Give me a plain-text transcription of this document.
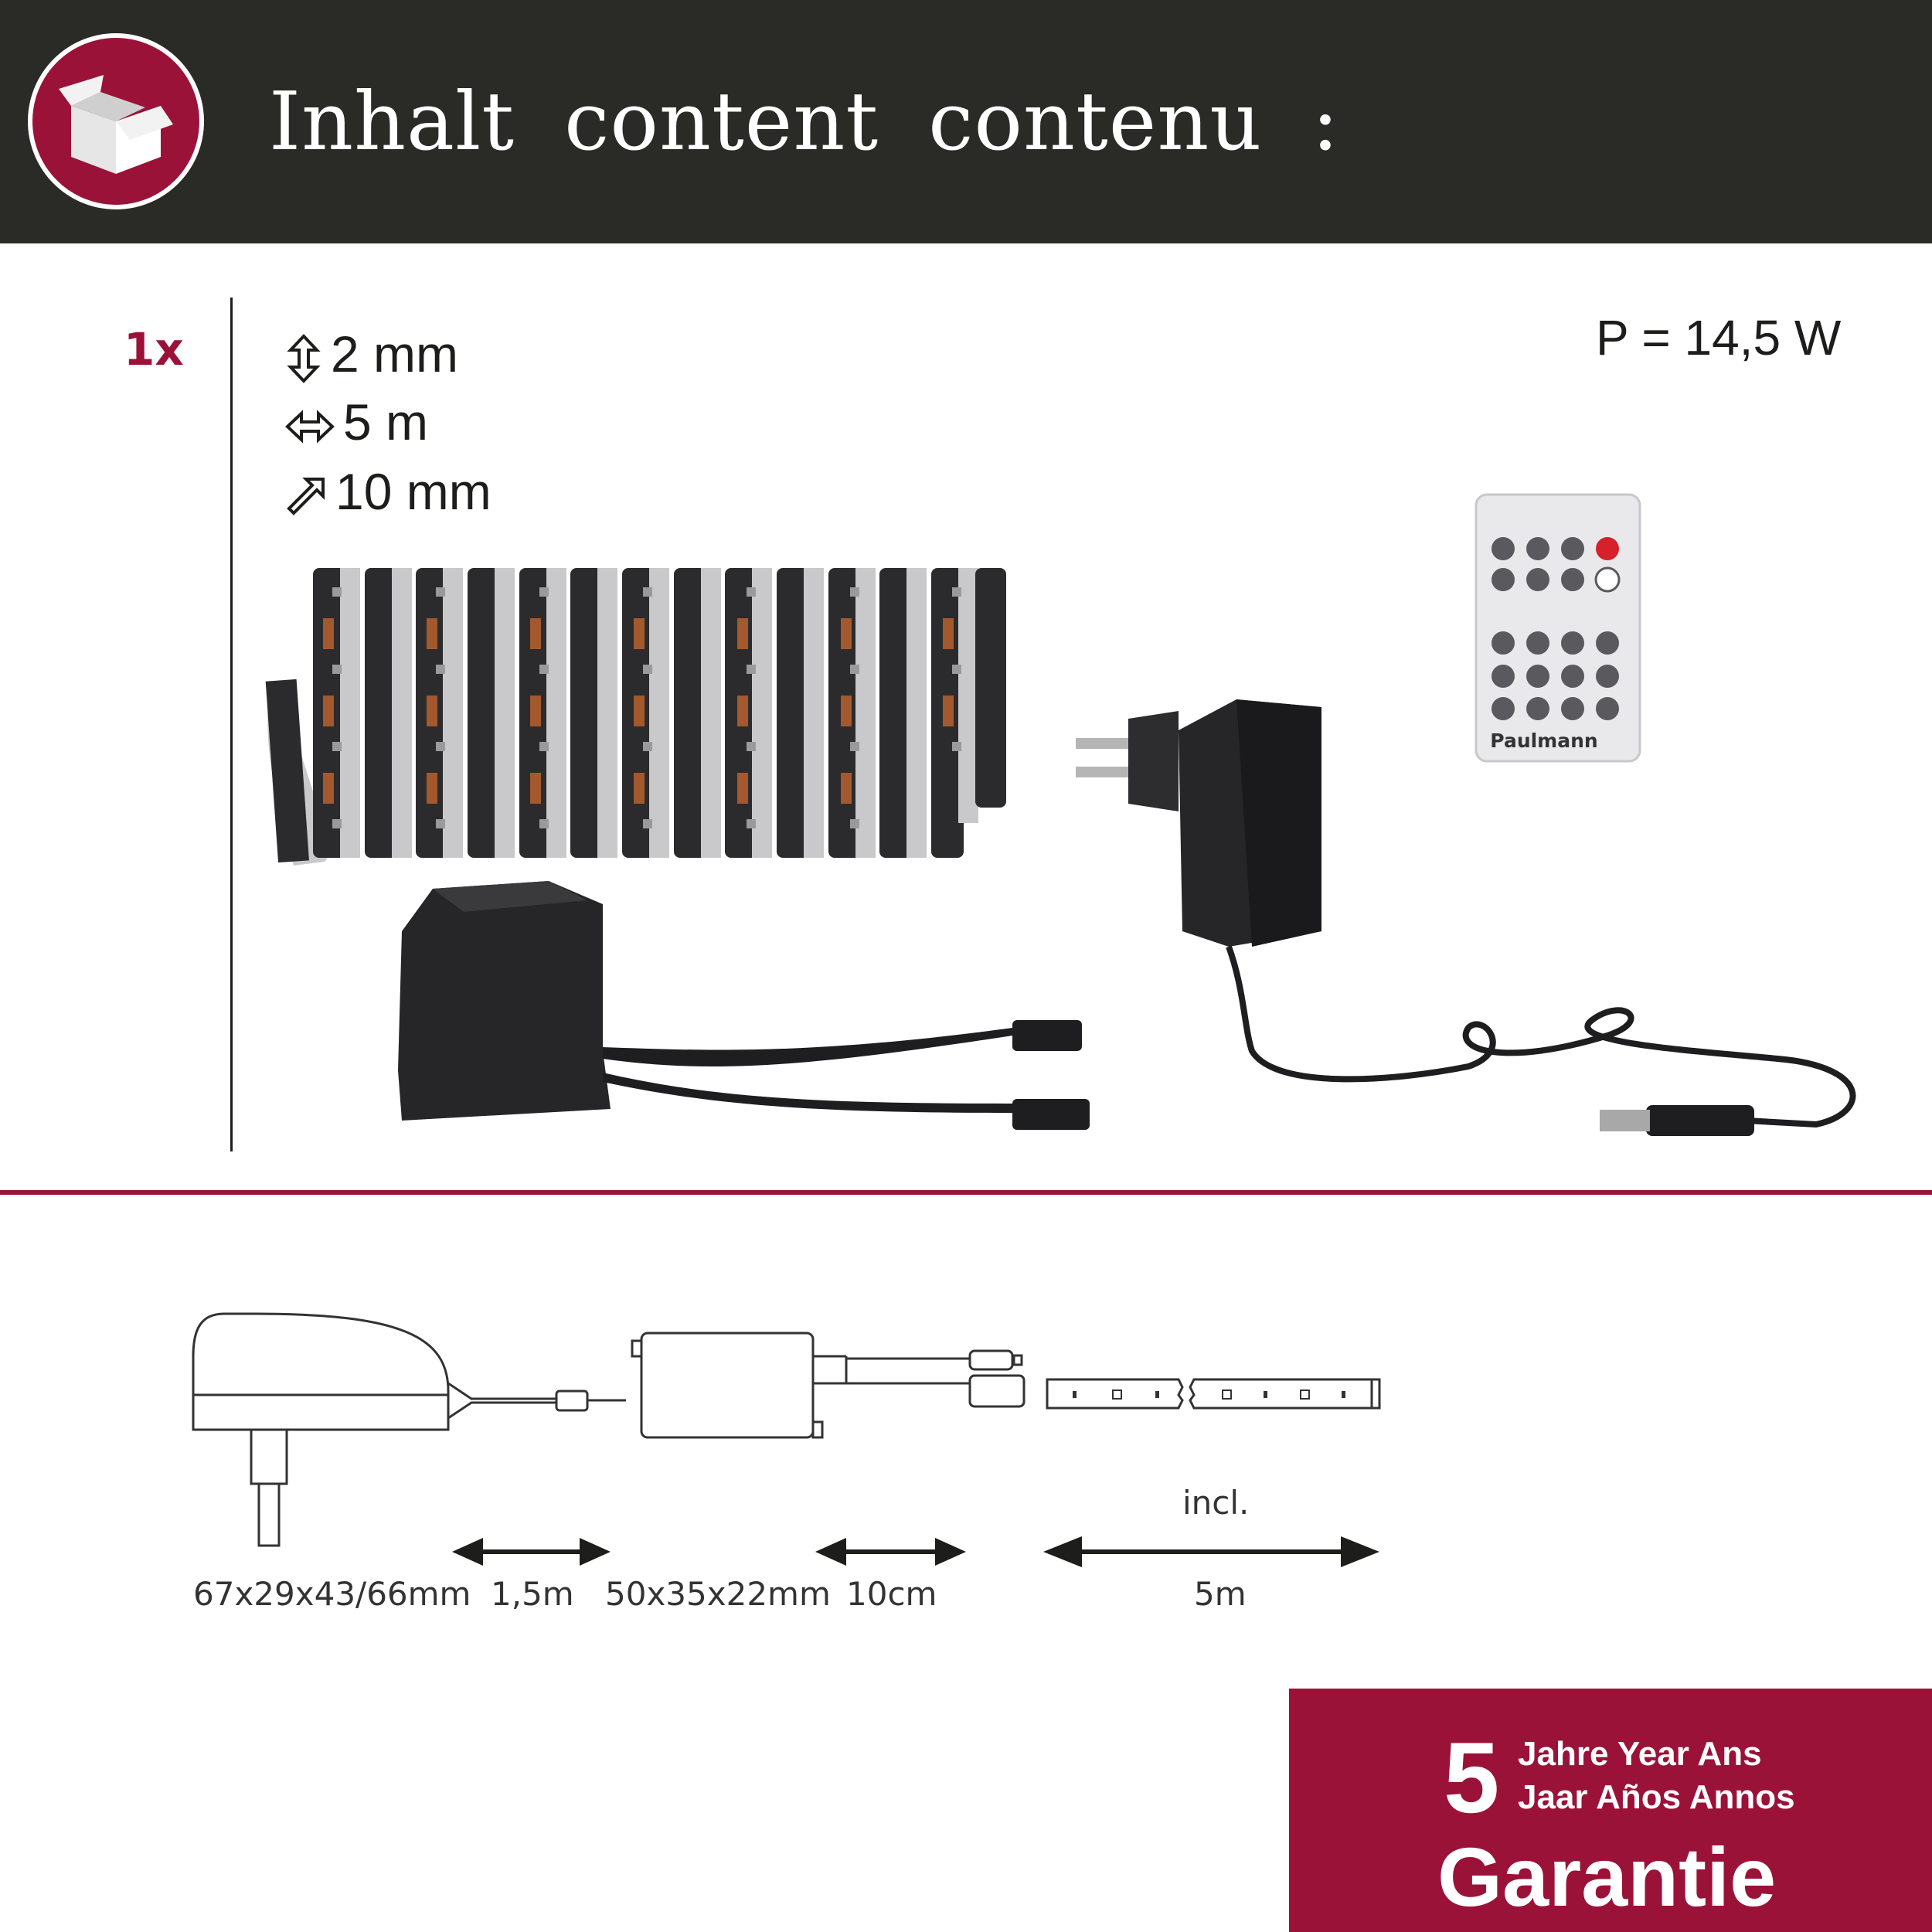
Inhalt content contenu :
1x	2 mm
5 m
10 mm
P = 14,5 W
Paulmann
67x29x43/66mm 1,5m 50x35x22mm 10cm
incl.
5m
5 Jahre Year Ans
Jaar Años Annos
Garantie
